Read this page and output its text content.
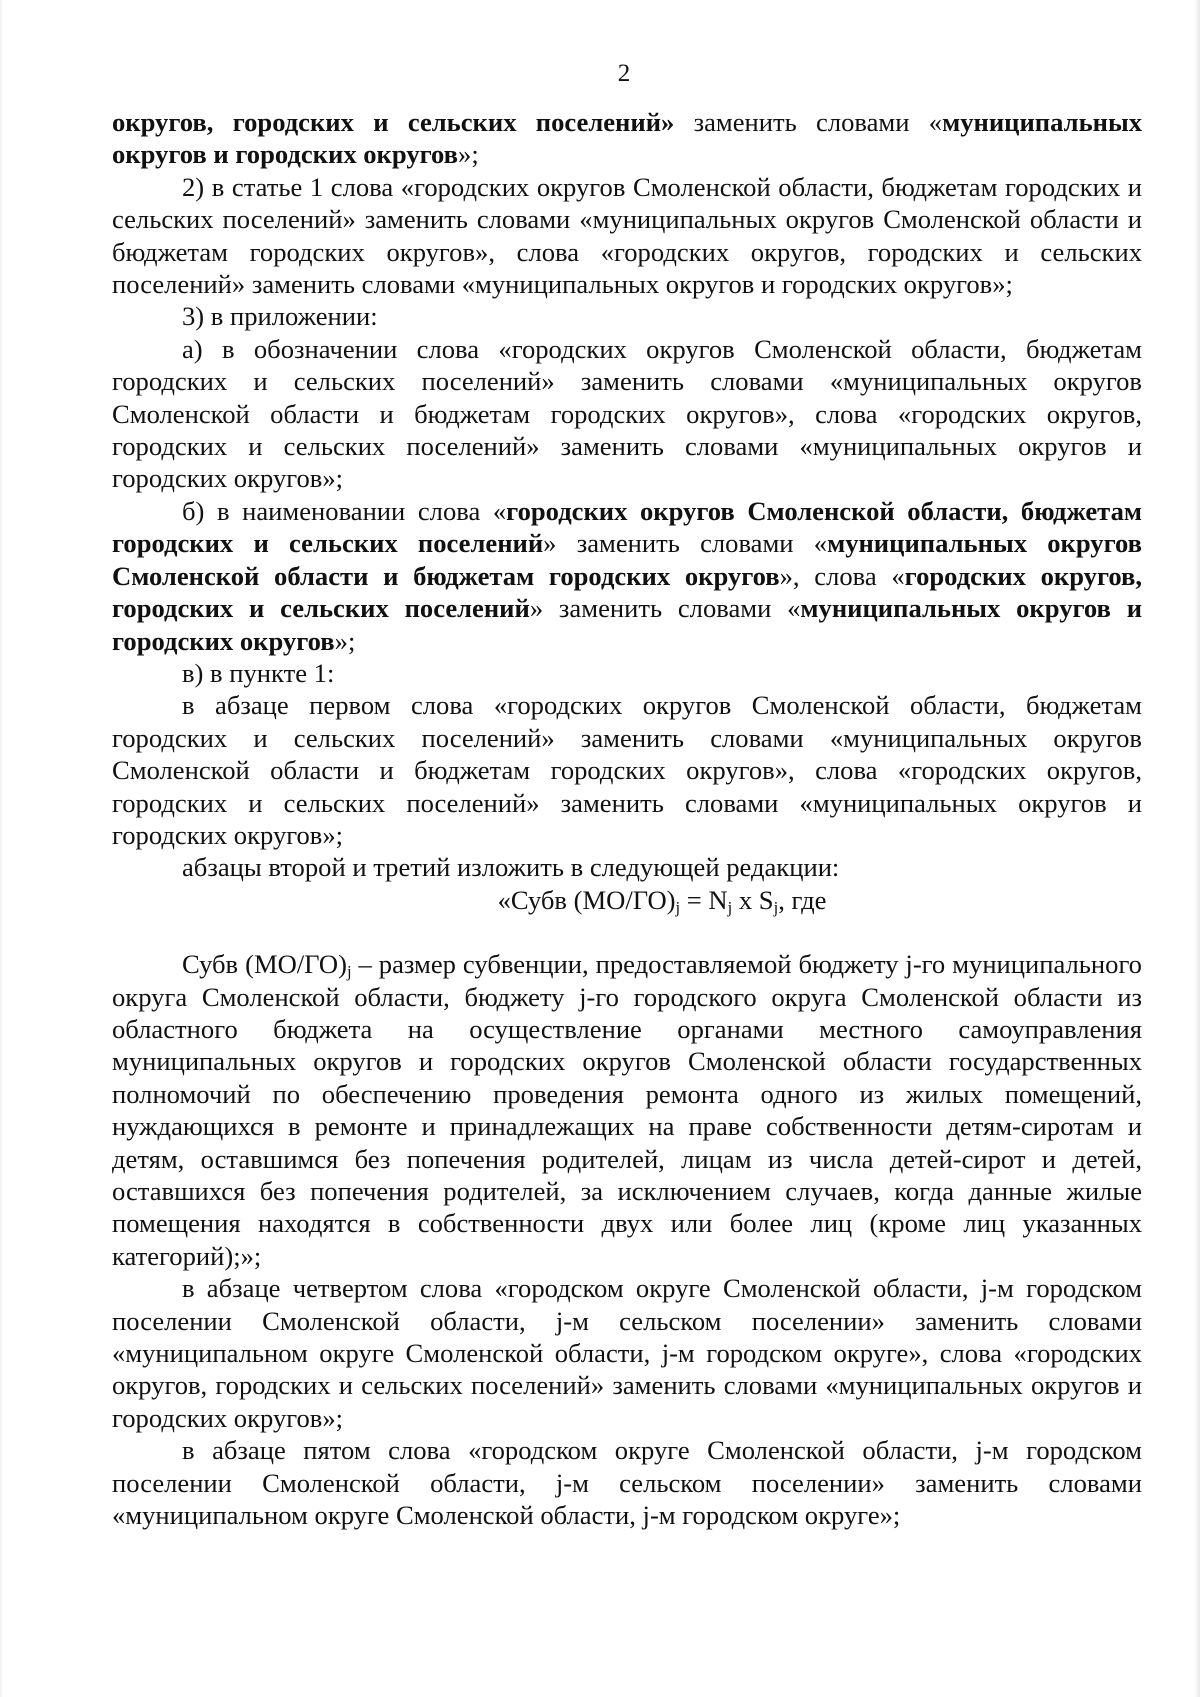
2

округов, городских и сельских поселений» заменить словами «муниципальных округов и городских округов»;

2) в статье 1 слова «городских округов Смоленской области, бюджетам городских и сельских поселений» заменить словами «муниципальных округов Смоленской области и бюджетам городских округов», слова «городских округов, городских и сельских поселений» заменить словами «муниципальных округов и городских округов»;

3) в приложении:

а) в обозначении слова «городских округов Смоленской области, бюджетам городских и сельских поселений» заменить словами «муниципальных округов Смоленской области и бюджетам городских округов», слова «городских округов, городских и сельских поселений» заменить словами «муниципальных округов и городских округов»;

б) в наименовании слова «городских округов Смоленской области, бюджетам городских и сельских поселений» заменить словами «муниципальных округов Смоленской области и бюджетам городских округов», слова «городских округов, городских и сельских поселений» заменить словами «муниципальных округов и городских округов»;

в) в пункте 1:

в абзаце первом слова «городских округов Смоленской области, бюджетам городских и сельских поселений» заменить словами «муниципальных округов Смоленской области и бюджетам городских округов», слова «городских округов, городских и сельских поселений» заменить словами «муниципальных округов и городских округов»;

абзацы второй и третий изложить в следующей редакции:

«Субв $(МО/ГО)_j = N_j$ x $S_j$, где

Субв $(МО/ГО)_j$ – размер субвенции, предоставляемой бюджету j-го муниципального округа Смоленской области, бюджету j-го городского округа Смоленской области из областного бюджета на осуществление органами местного самоуправления муниципальных округов и городских округов Смоленской области государственных полномочий по обеспечению проведения ремонта одного из жилых помещений, нуждающихся в ремонте и принадлежащих на праве собственности детям-сиротам и детям, оставшимся без попечения родителей, лицам из числа детей-сирот и детей, оставшихся без попечения родителей, за исключением случаев, когда данные жилые помещения находятся в собственности двух или более лиц (кроме лиц указанных категорий);»;

в абзаце четвертом слова «городском округе Смоленской области, j-м городском поселении Смоленской области, j-м сельском поселении» заменить словами «муниципальном округе Смоленской области, j-м городском округе», слова «городских округов, городских и сельских поселений» заменить словами «муниципальных округов и городских округов»;

в абзаце пятом слова «городском округе Смоленской области, j-м городском поселении Смоленской области, j-м сельском поселении» заменить словами «муниципальном округе Смоленской области, j-м городском округе»;
